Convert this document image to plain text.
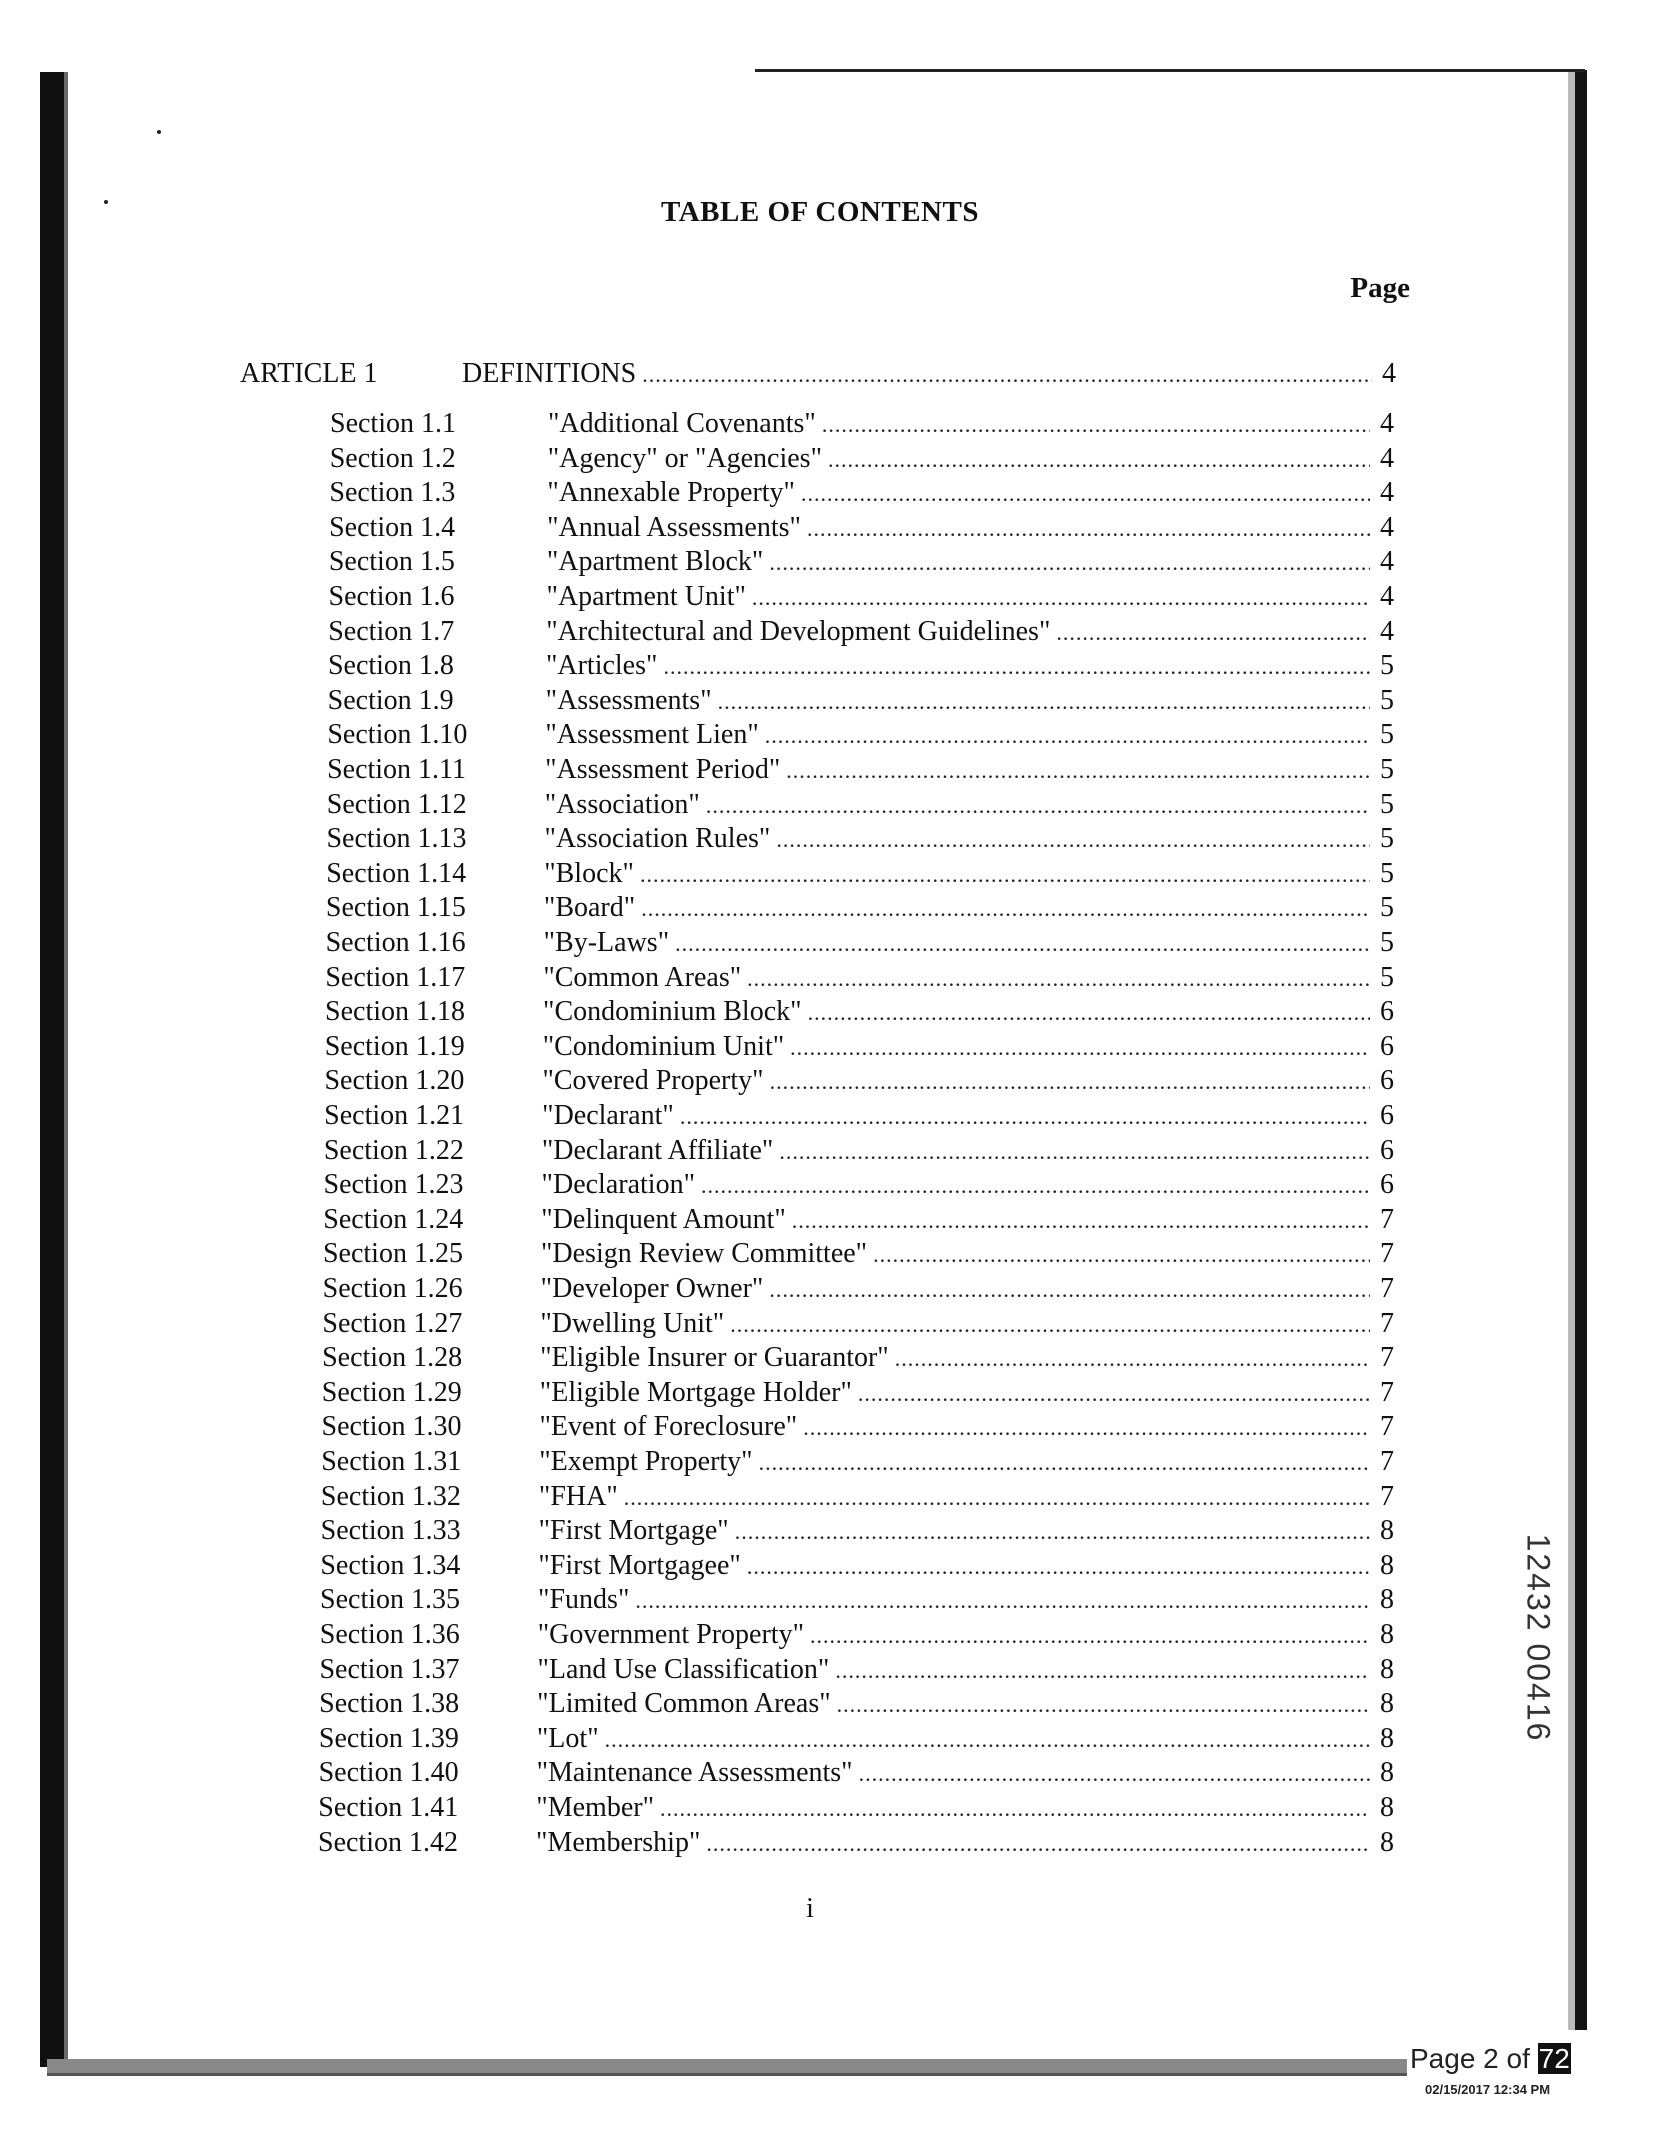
TABLE OF CONTENTS
Page
ARTICLE 1	DEFINITIONS .....	4
Section 1.1	"Additional Covenants" .....	4
Section 1.2	"Agency" or "Agencies" .....	4
Section 1.3	"Annexable Property" .....	4
Section 1.4	"Annual Assessments" .....	4
Section 1.5	"Apartment Block" .....	4
Section 1.6	"Apartment Unit" .....	4
Section 1.7	"Architectural and Development Guidelines" .....	4
Section 1.8	"Articles" .....	5
Section 1.9	"Assessments" .....	5
Section 1.10	"Assessment Lien" .....	5
Section 1.11	"Assessment Period" .....	5
Section 1.12	"Association" .....	5
Section 1.13	"Association Rules" .....	5
Section 1.14	"Block" .....	5
Section 1.15	"Board" .....	5
Section 1.16	"By-Laws" .....	5
Section 1.17	"Common Areas" .....	5
Section 1.18	"Condominium Block" .....	6
Section 1.19	"Condominium Unit" .....	6
Section 1.20	"Covered Property" .....	6
Section 1.21	"Declarant" .....	6
Section 1.22	"Declarant Affiliate" .....	6
Section 1.23	"Declaration" .....	6
Section 1.24	"Delinquent Amount" .....	7
Section 1.25	"Design Review Committee" .....	7
Section 1.26	"Developer Owner" .....	7
Section 1.27	"Dwelling Unit" .....	7
Section 1.28	"Eligible Insurer or Guarantor" .....	7
Section 1.29	"Eligible Mortgage Holder" .....	7
Section 1.30	"Event of Foreclosure" .....	7
Section 1.31	"Exempt Property" .....	7
Section 1.32	"FHA" .....	7
Section 1.33	"First Mortgage" .....	8
Section 1.34	"First Mortgagee" .....	8
Section 1.35	"Funds" .....	8
Section 1.36	"Government Property" .....	8
Section 1.37	"Land Use Classification" .....	8
Section 1.38	"Limited Common Areas" .....	8
Section 1.39	"Lot" .....	8
Section 1.40	"Maintenance Assessments" .....	8
Section 1.41	"Member" .....	8
Section 1.42	"Membership" .....	8
i
12432 00416
Page 2 of 72
02/15/2017 12:34 PM
